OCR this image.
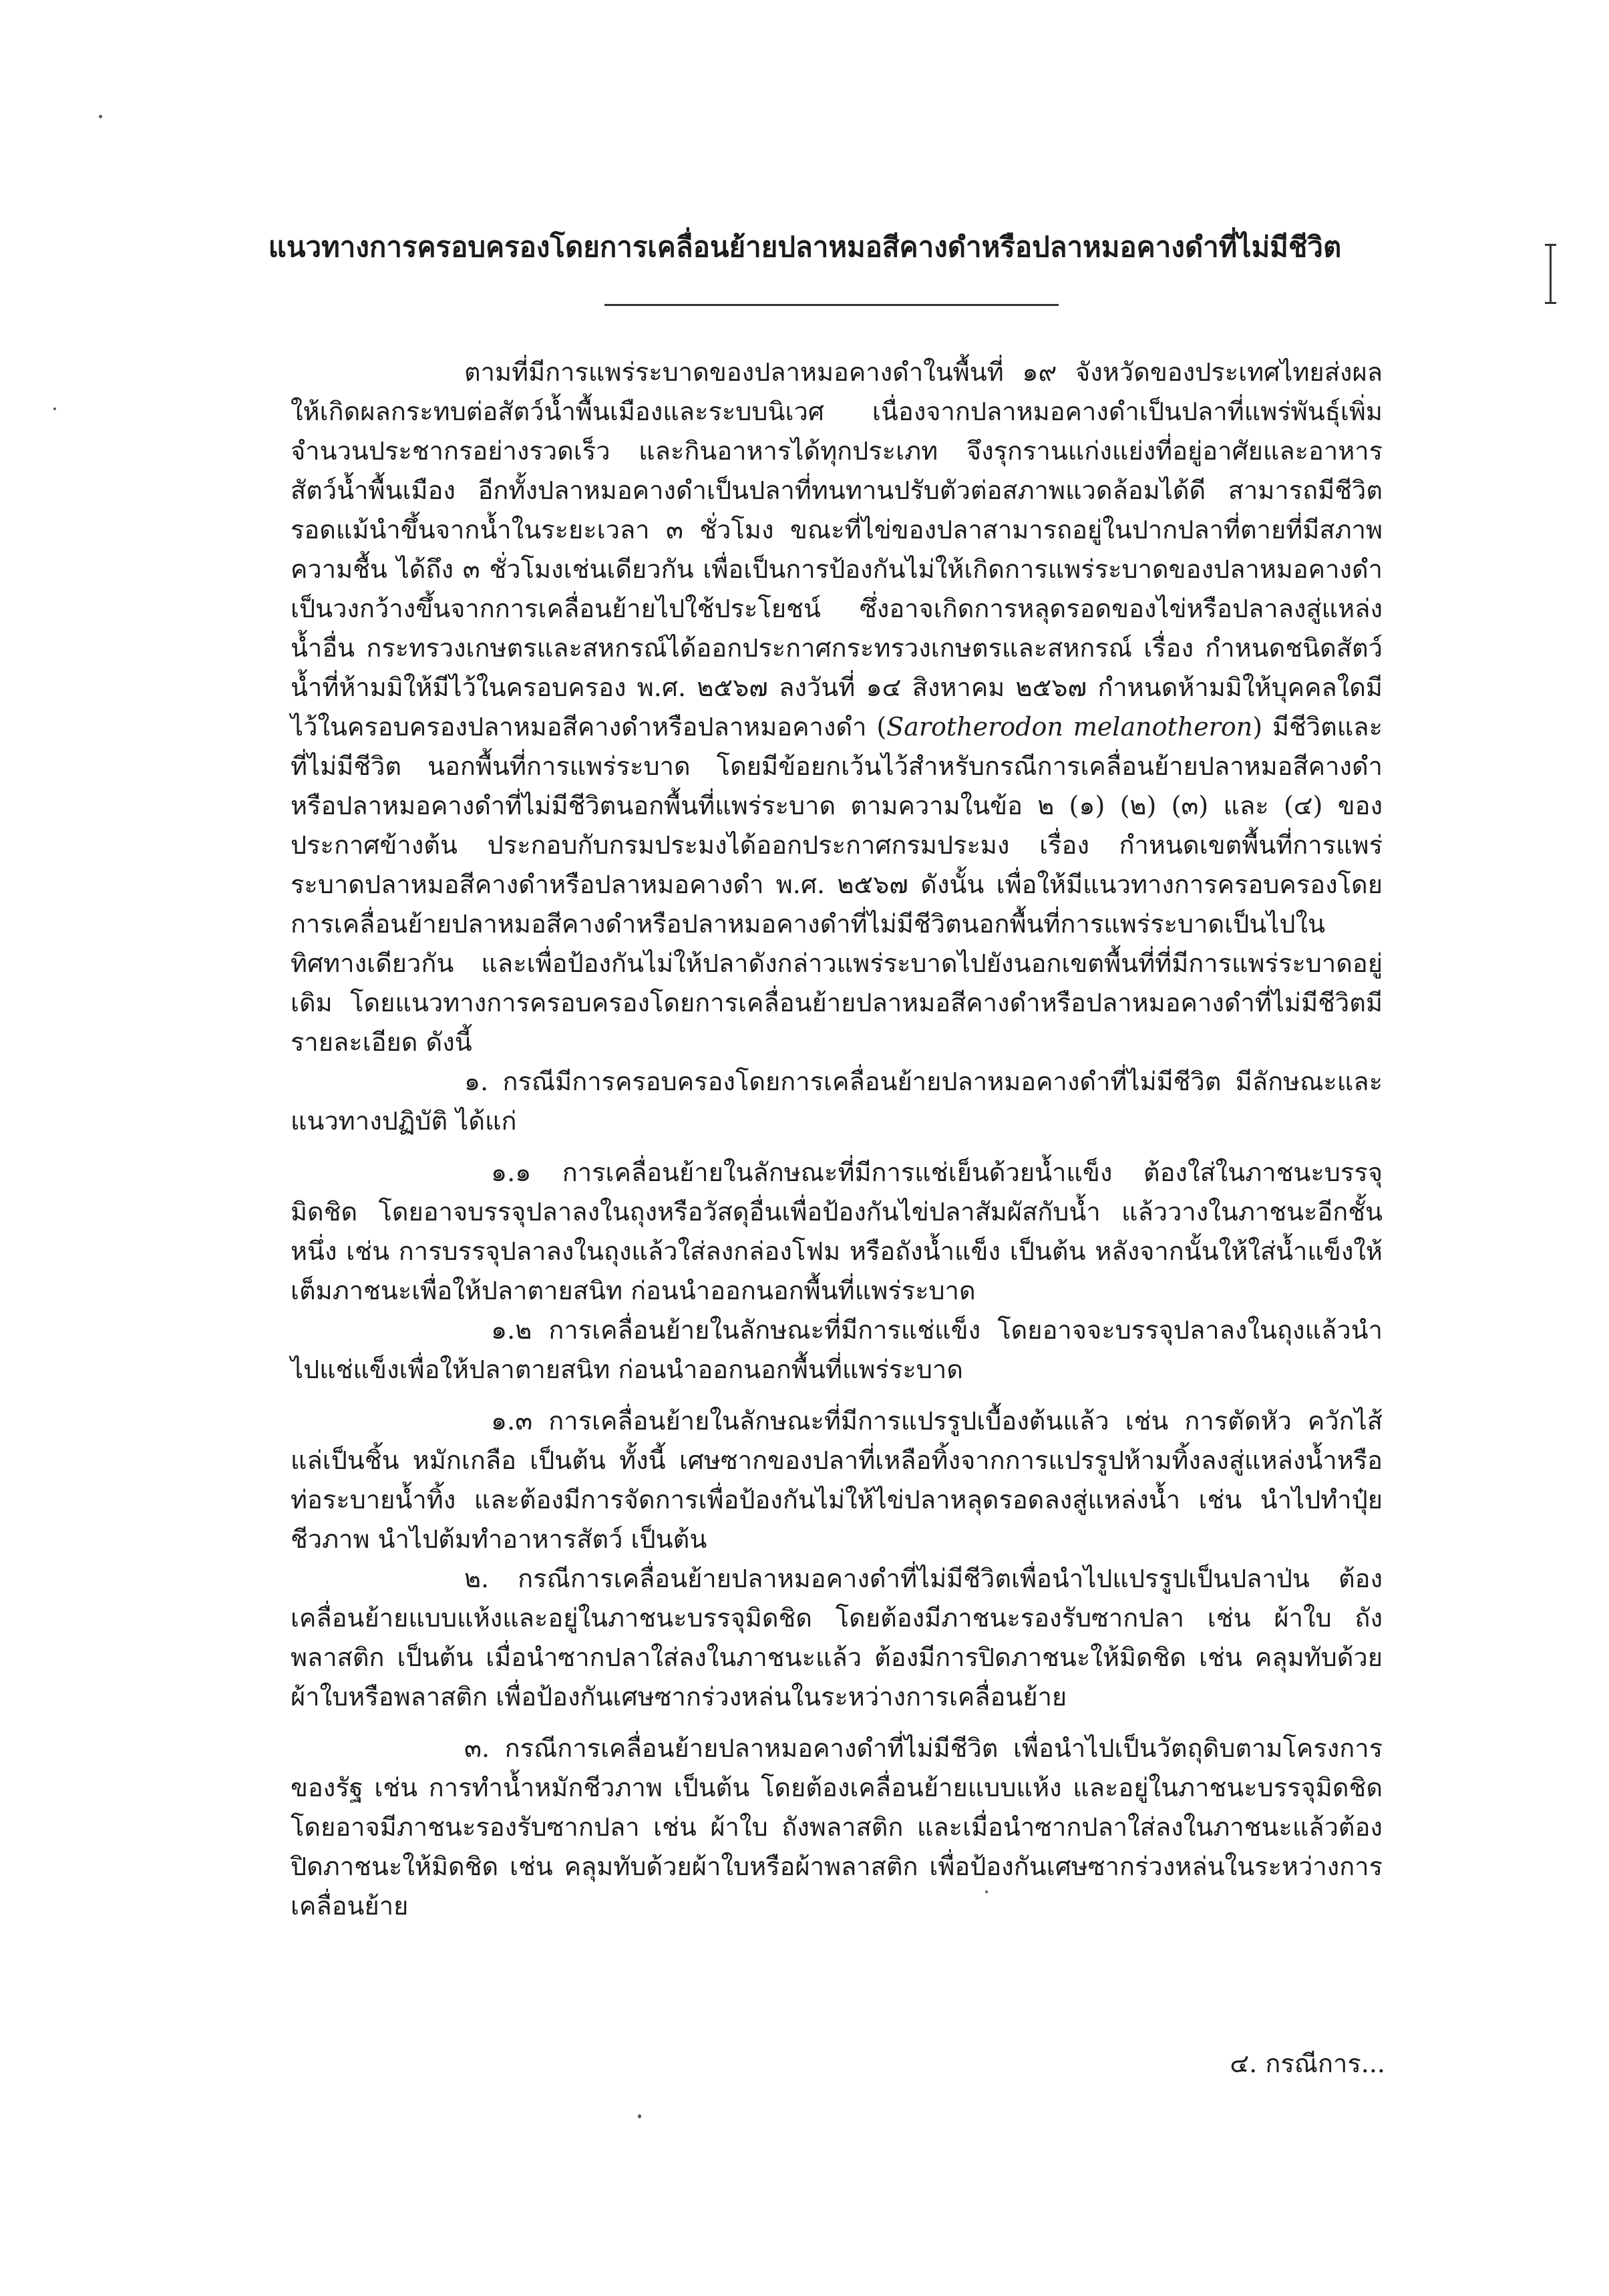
แนวทางการครอบครองโดยการเคลื่อนย้ายปลาหมอสีคางดำหรือปลาหมอคางดำที่ไม่มีชีวิต

ตามที่มีการแพร่ระบาดของปลาหมอคางดำในพื้นที่ ๑๙ จังหวัดของประเทศไทยส่งผลให้เกิดผลกระทบต่อสัตว์น้ำพื้นเมืองและระบบนิเวศ เนื่องจากปลาหมอคางดำเป็นปลาที่แพร่พันธุ์เพิ่มจำนวนประชากรอย่างรวดเร็ว และกินอาหารได้ทุกประเภท จึงรุกรานแก่งแย่งที่อยู่อาศัยและอาหารสัตว์น้ำพื้นเมือง อีกทั้งปลาหมอคางดำเป็นปลาที่ทนทานปรับตัวต่อสภาพแวดล้อมได้ดี สามารถมีชีวิตรอดแม้นำขึ้นจากน้ำในระยะเวลา ๓ ชั่วโมง ขณะที่ไข่ของปลาสามารถอยู่ในปากปลาที่ตายที่มีสภาพความชื้น ได้ถึง ๓ ชั่วโมงเช่นเดียวกัน เพื่อเป็นการป้องกันไม่ให้เกิดการแพร่ระบาดของปลาหมอคางดำเป็นวงกว้างขึ้นจากการเคลื่อนย้ายไปใช้ประโยชน์ ซึ่งอาจเกิดการหลุดรอดของไข่หรือปลาลงสู่แหล่งน้ำอื่น กระทรวงเกษตรและสหกรณ์ได้ออกประกาศกระทรวงเกษตรและสหกรณ์ เรื่อง กำหนดชนิดสัตว์น้ำที่ห้ามมิให้มีไว้ในครอบครอง พ.ศ. ๒๕๖๗ ลงวันที่ ๑๔ สิงหาคม ๒๕๖๗ กำหนดห้ามมิให้บุคคลใดมีไว้ในครอบครองปลาหมอสีคางดำหรือปลาหมอคางดำ (Sarotherodon melanotheron) มีชีวิตและที่ไม่มีชีวิต นอกพื้นที่การแพร่ระบาด โดยมีข้อยกเว้นไว้สำหรับกรณีการเคลื่อนย้ายปลาหมอสีคางดำหรือปลาหมอคางดำที่ไม่มีชีวิตนอกพื้นที่แพร่ระบาด ตามความในข้อ ๒ (๑) (๒) (๓) และ (๔) ของประกาศข้างต้น ประกอบกับกรมประมงได้ออกประกาศกรมประมง เรื่อง กำหนดเขตพื้นที่การแพร่ระบาดปลาหมอสีคางดำหรือปลาหมอคางดำ พ.ศ. ๒๕๖๗ ดังนั้น เพื่อให้มีแนวทางการครอบครองโดยการเคลื่อนย้ายปลาหมอสีคางดำหรือปลาหมอคางดำที่ไม่มีชีวิตนอกพื้นที่การแพร่ระบาดเป็นไปในทิศทางเดียวกัน และเพื่อป้องกันไม่ให้ปลาดังกล่าวแพร่ระบาดไปยังนอกเขตพื้นที่ที่มีการแพร่ระบาดอยู่เดิม โดยแนวทางการครอบครองโดยการเคลื่อนย้ายปลาหมอสีคางดำหรือปลาหมอคางดำที่ไม่มีชีวิตมีรายละเอียด ดังนี้

๑. กรณีมีการครอบครองโดยการเคลื่อนย้ายปลาหมอคางดำที่ไม่มีชีวิต มีลักษณะและแนวทางปฏิบัติ ได้แก่

๑.๑ การเคลื่อนย้ายในลักษณะที่มีการแช่เย็นด้วยน้ำแข็ง ต้องใส่ในภาชนะบรรจุมิดชิด โดยอาจบรรจุปลาลงในถุงหรือวัสดุอื่นเพื่อป้องกันไข่ปลาสัมผัสกับน้ำ แล้ววางในภาชนะอีกชั้นหนึ่ง เช่น การบรรจุปลาลงในถุงแล้วใส่ลงกล่องโฟม หรือถังน้ำแข็ง เป็นต้น หลังจากนั้นให้ใส่น้ำแข็งให้เต็มภาชนะเพื่อให้ปลาตายสนิท ก่อนนำออกนอกพื้นที่แพร่ระบาด

๑.๒ การเคลื่อนย้ายในลักษณะที่มีการแช่แข็ง โดยอาจจะบรรจุปลาลงในถุงแล้วนำไปแช่แข็งเพื่อให้ปลาตายสนิท ก่อนนำออกนอกพื้นที่แพร่ระบาด

๑.๓ การเคลื่อนย้ายในลักษณะที่มีการแปรรูปเบื้องต้นแล้ว เช่น การตัดหัว ควักไส้ แล่เป็นชิ้น หมักเกลือ เป็นต้น ทั้งนี้ เศษซากของปลาที่เหลือทิ้งจากการแปรรูปห้ามทิ้งลงสู่แหล่งน้ำหรือท่อระบายน้ำทิ้ง และต้องมีการจัดการเพื่อป้องกันไม่ให้ไข่ปลาหลุดรอดลงสู่แหล่งน้ำ เช่น นำไปทำปุ๋ยชีวภาพ นำไปต้มทำอาหารสัตว์ เป็นต้น

๒. กรณีการเคลื่อนย้ายปลาหมอคางดำที่ไม่มีชีวิตเพื่อนำไปแปรรูปเป็นปลาป่น ต้องเคลื่อนย้ายแบบแห้งและอยู่ในภาชนะบรรจุมิดชิด โดยต้องมีภาชนะรองรับซากปลา เช่น ผ้าใบ ถังพลาสติก เป็นต้น เมื่อนำซากปลาใส่ลงในภาชนะแล้ว ต้องมีการปิดภาชนะให้มิดชิด เช่น คลุมทับด้วยผ้าใบหรือพลาสติก เพื่อป้องกันเศษซากร่วงหล่นในระหว่างการเคลื่อนย้าย

๓. กรณีการเคลื่อนย้ายปลาหมอคางดำที่ไม่มีชีวิต เพื่อนำไปเป็นวัตถุดิบตามโครงการของรัฐ เช่น การทำน้ำหมักชีวภาพ เป็นต้น โดยต้องเคลื่อนย้ายแบบแห้ง และอยู่ในภาชนะบรรจุมิดชิด โดยอาจมีภาชนะรองรับซากปลา เช่น ผ้าใบ ถังพลาสติก และเมื่อนำซากปลาใส่ลงในภาชนะแล้วต้องปิดภาชนะให้มิดชิด เช่น คลุมทับด้วยผ้าใบหรือผ้าพลาสติก เพื่อป้องกันเศษซากร่วงหล่นในระหว่างการเคลื่อนย้าย

๔. กรณีการ...
